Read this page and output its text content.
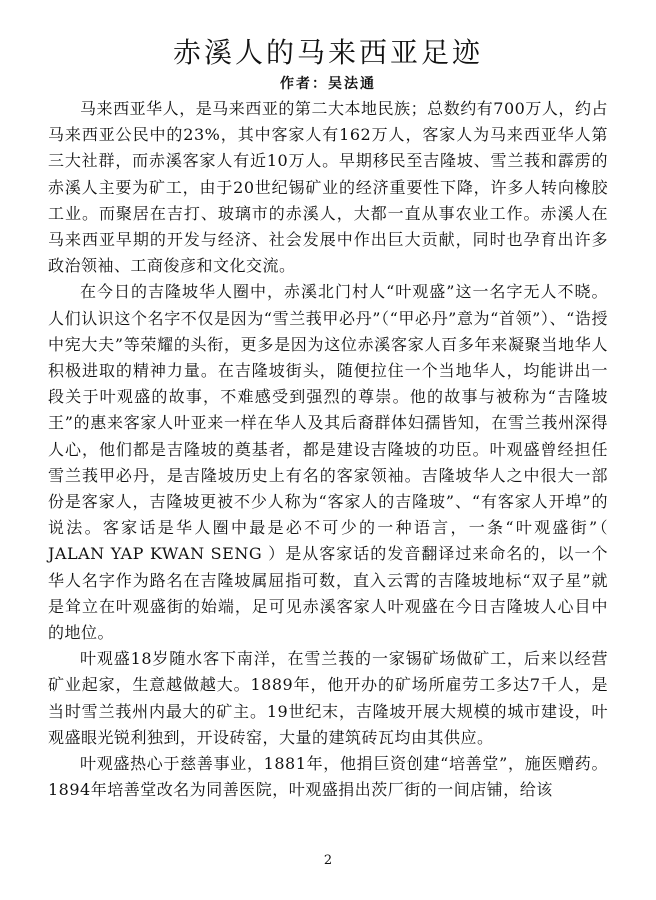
赤溪人的马来西亚足迹
作者：吴法通

马来西亚华人，是马来西亚的第二大本地民族；总数约有700万人，约占马来西亚公民中的23%，其中客家人有162万人，客家人为马来西亚华人第三大社群，而赤溪客家人有近10万人。早期移民至吉隆坡、雪兰莪和霹雳的赤溪人主要为矿工，由于20世纪锡矿业的经济重要性下降，许多人转向橡胶工业。而聚居在吉打、玻璃市的赤溪人，大都一直从事农业工作。赤溪人在马来西亚早期的开发与经济、社会发展中作出巨大贡献，同时也孕育出许多政治领袖、工商俊彦和文化交流。

在今日的吉隆坡华人圈中，赤溪北门村人“叶观盛”这一名字无人不晓。人们认识这个名字不仅是因为“雪兰莪甲必丹”（“甲必丹”意为“首领”）、“诰授中宪大夫”等荣耀的头衔，更多是因为这位赤溪客家人百多年来凝聚当地华人积极进取的精神力量。在吉隆坡街头，随便拉住一个当地华人，均能讲出一段关于叶观盛的故事，不难感受到强烈的尊崇。他的故事与被称为“吉隆坡王”的惠来客家人叶亚来一样在华人及其后裔群体妇孺皆知，在雪兰莪州深得人心，他们都是吉隆坡的奠基者，都是建设吉隆坡的功臣。叶观盛曾经担任雪兰莪甲必丹，是吉隆坡历史上有名的客家领袖。吉隆坡华人之中很大一部份是客家人，吉隆坡更被不少人称为“客家人的吉隆玻”、“有客家人开埠”的说法。客家话是华人圈中最是必不可少的一种语言，一条“叶观盛街”（ JALAN YAP KWAN SENG ）是从客家话的发音翻译过来命名的，以一个华人名字作为路名在吉隆坡属屈指可数，直入云霄的吉隆坡地标“双子星”就是耸立在叶观盛街的始端，足可见赤溪客家人叶观盛在今日吉隆坡人心目中的地位。

叶观盛18岁随水客下南洋，在雪兰莪的一家锡矿场做矿工，后来以经营矿业起家，生意越做越大。1889年，他开办的矿场所雇劳工多达7千人，是当时雪兰莪州内最大的矿主。19世纪末，吉隆坡开展大规模的城市建设，叶观盛眼光锐利独到，开设砖窑，大量的建筑砖瓦均由其供应。

叶观盛热心于慈善事业，1881年，他捐巨资创建“培善堂”，施医赠药。1894年培善堂改名为同善医院，叶观盛捐出茨厂街的一间店铺，给该

2
